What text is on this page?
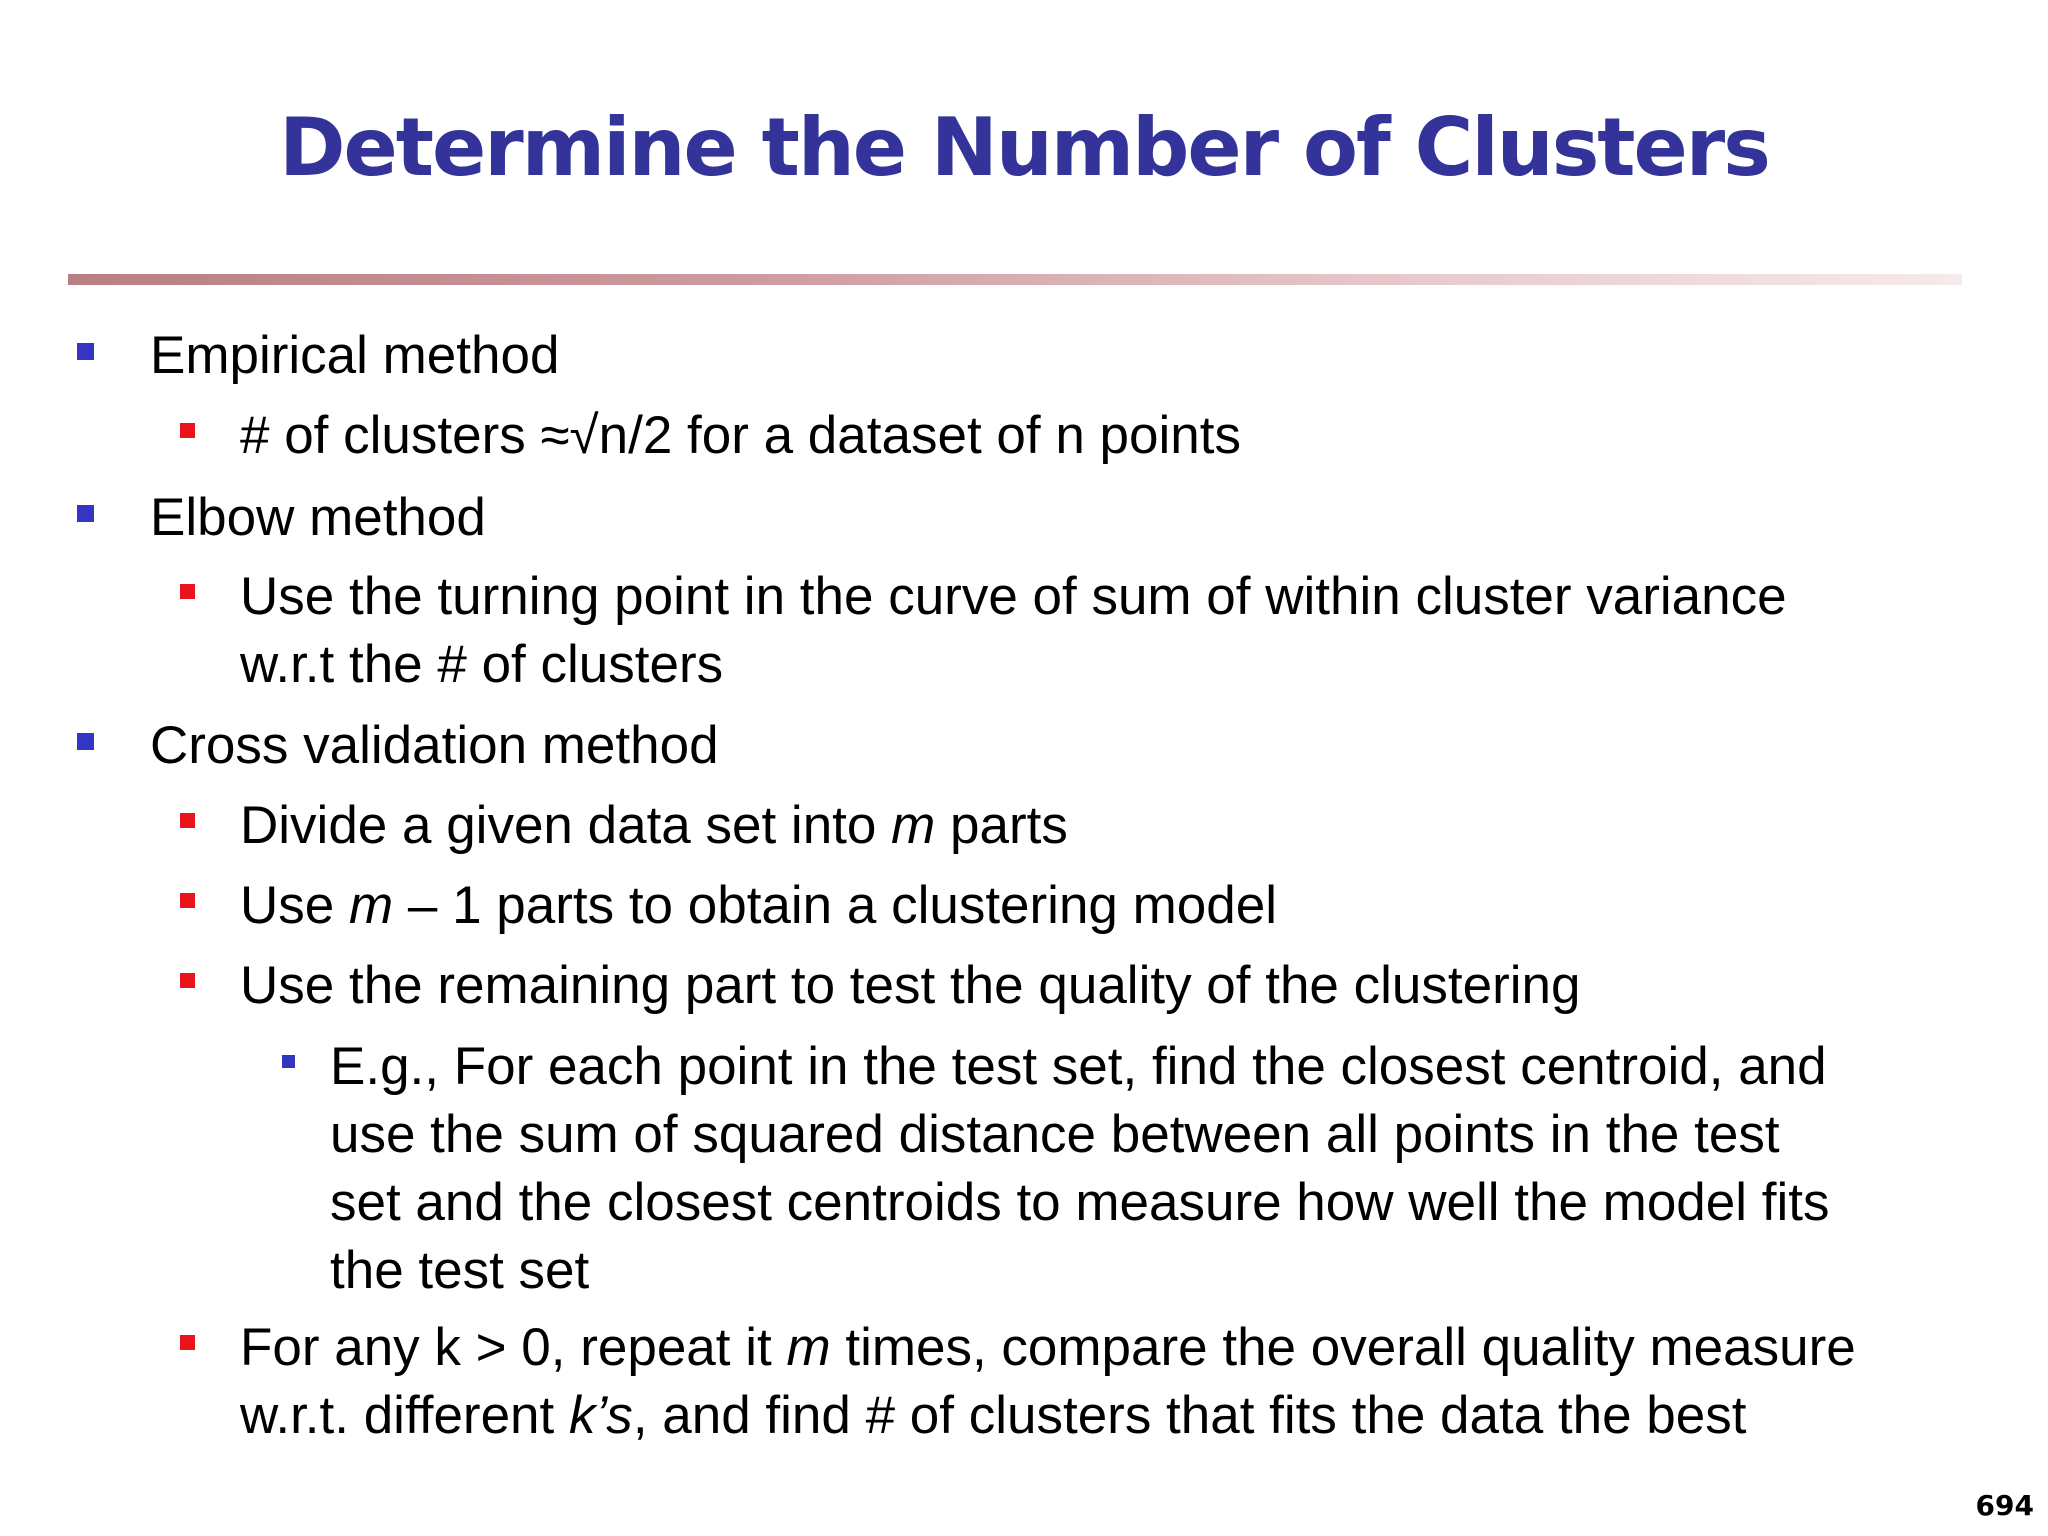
Determine the Number of Clusters
Empirical method
# of clusters ≈√n/2 for a dataset of n points
Elbow method
Use the turning point in the curve of sum of within cluster variance
w.r.t the # of clusters
Cross validation method
Divide a given data set into m parts
Use m – 1 parts to obtain a clustering model
Use the remaining part to test the quality of the clustering
E.g., For each point in the test set, find the closest centroid, and
use the sum of squared distance between all points in the test
set and the closest centroids to measure how well the model fits
the test set
For any k > 0, repeat it m times, compare the overall quality measure
w.r.t. different k’s, and find # of clusters that fits the data the best
694
